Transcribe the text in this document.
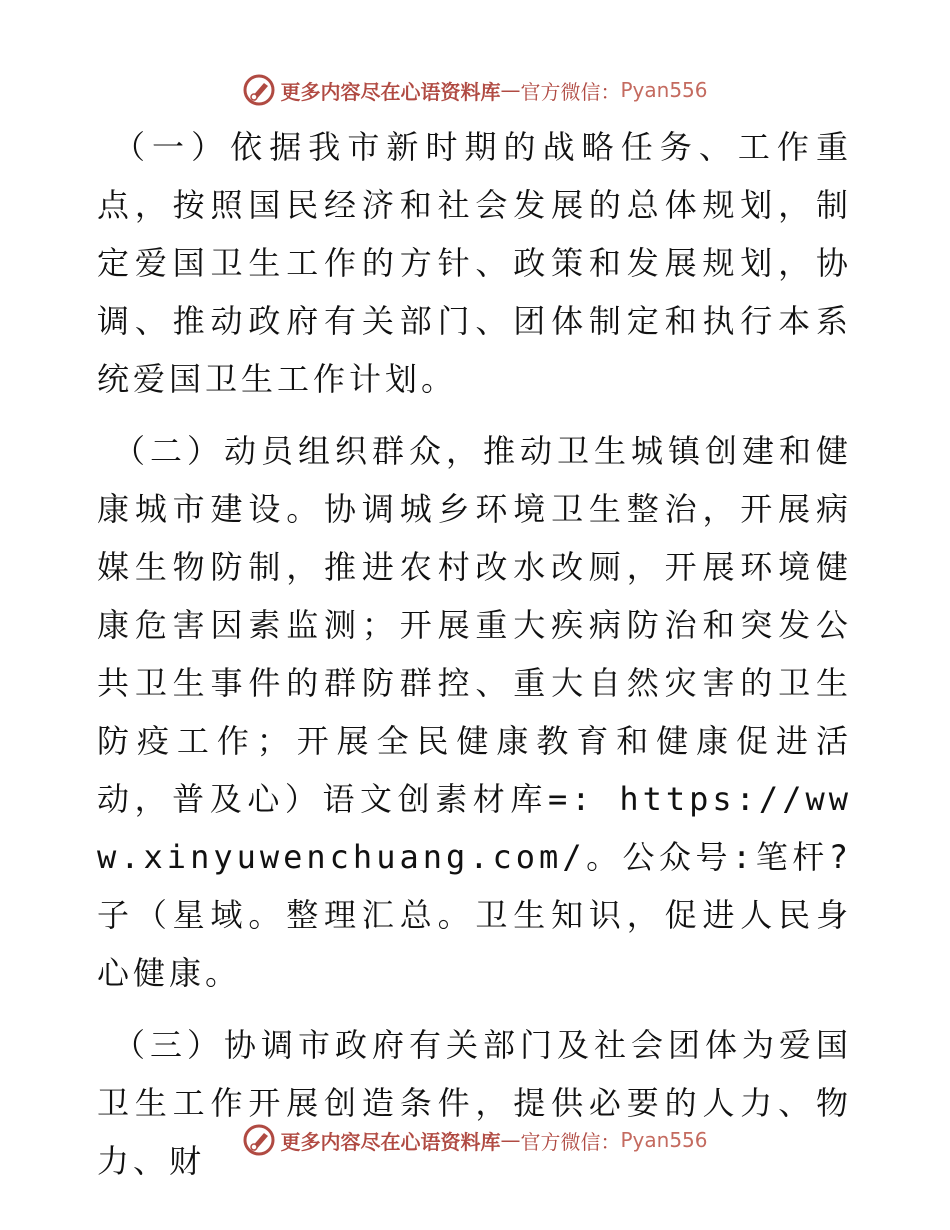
更多内容尽在心语资料库 — 官方微信： Pyan556

（一）依据我市新时期的战略任务、工作重点，按照国民经济和社会发展的总体规划，制定爱国卫生工作的方针、政策和发展规划，协调、推动政府有关部门、团体制定和执行本系统爱国卫生工作计划。

（二）动员组织群众，推动卫生城镇创建和健康城市建设。协调城乡环境卫生整治，开展病媒生物防制，推进农村改水改厕，开展环境健康危害因素监测；开展重大疾病防治和突发公共卫生事件的群防群控、重大自然灾害的卫生防疫工作；开展全民健康教育和健康促进活动，普及心）语文创素材库=: https://www.xinyuwenchuang.com/。公众号:笔杆?子（星域。整理汇总。卫生知识，促进人民身心健康。

（三）协调市政府有关部门及社会团体为爱国卫生工作开展创造条件，提供必要的人力、物力、财

更多内容尽在心语资料库 — 官方微信： Pyan556
